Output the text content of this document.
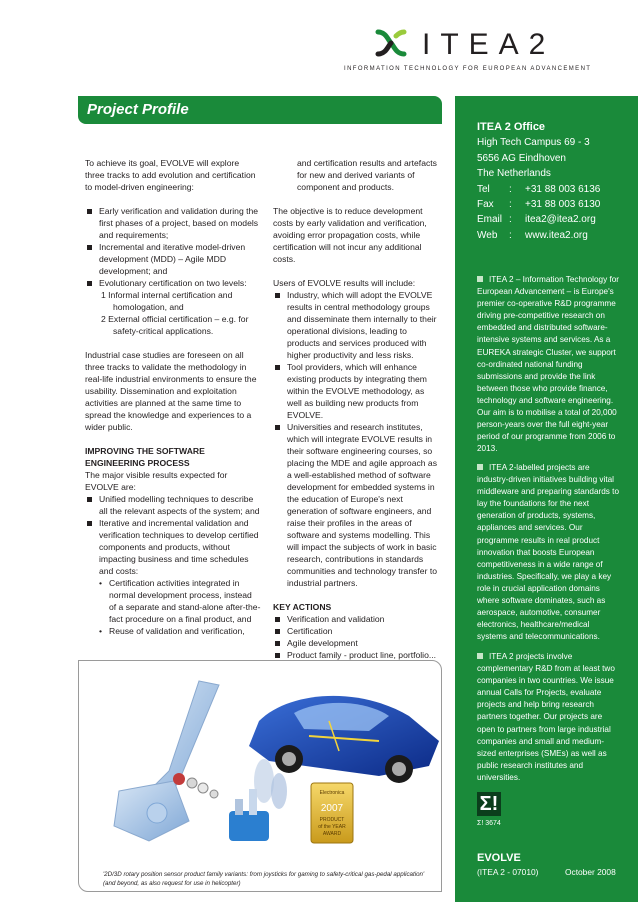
ITEA2
INFORMATION TECHNOLOGY FOR EUROPEAN ADVANCEMENT
Project Profile
To achieve its goal, EVOLVE will explore three tracks to add evolution and certification to model-driven engineering:
Early verification and validation during the first phases of a project, based on models and requirements;
Incremental and iterative model-driven development (MDD) – Agile MDD development; and
Evolutionary certification on two levels:
1 Informal internal certification and homologation, and
2 External official certification – e.g. for safety-critical applications.
Industrial case studies are foreseen on all three tracks to validate the methodology in real-life industrial environments to ensure the usability. Dissemination and exploitation activities are planned at the same time to spread the knowledge and experiences to a wider public.
IMPROVING THE SOFTWARE ENGINEERING PROCESS
The major visible results expected for EVOLVE are:
Unified modelling techniques to describe all the relevant aspects of the system; and
Iterative and incremental validation and verification techniques to develop certified components and products, without impacting business and time schedules and costs:
• Certification activities integrated in normal development process, instead of a separate and stand-alone after-the-fact procedure on a final product, and
• Reuse of validation and verification,
and certification results and artefacts for new and derived variants of component and products.
The objective is to reduce development costs by early validation and verification, avoiding error propagation costs, while certification will not incur any additional costs.
Users of EVOLVE results will include:
Industry, which will adopt the EVOLVE results in central methodology groups and disseminate them internally to their operational divisions, leading to products and services produced with higher productivity and less risks.
Tool providers, which will enhance existing products by integrating them within the EVOLVE methodology, as well as building new products from EVOLVE.
Universities and research institutes, which will integrate EVOLVE results in their software engineering courses, so placing the MDE and agile approach as a well-established method of software development for embedded systems in the education of Europe's next generation of software engineers, and raise their profiles in the areas of software and systems modelling. This will impact the subjects of work in basic research, contributions in standards communities and technology transfer to industrial partners.
KEY ACTIONS
Verification and validation
Certification
Agile development
Product family - product line, portfolio...
Electronica
2007
PRODUCT
of the YEAR
AWARD
'2D/3D rotary position sensor product family variants: from joysticks for gaming to safety-critical gas-pedal application' (and beyond, as also request for use in helicopter)
ITEA 2 Office
High Tech Campus 69 - 3
5656 AG Eindhoven
The Netherlands
Tel	:	+31 88 003 6136
Fax	:	+31 88 003 6130
Email :	itea2@itea2.org
Web	:	www.itea2.org
ITEA 2 – Information Technology for European Advancement – is Europe's premier co-operative R&D programme driving pre-competitive research on embedded and distributed software-intensive systems and services. As a EUREKA strategic Cluster, we support co-ordinated national funding submissions and provide the link between those who provide finance, technology and software engineering. Our aim is to mobilise a total of 20,000 person-years over the full eight-year period of our programme from 2006 to 2013.
ITEA 2-labelled projects are industry-driven initiatives building vital middleware and preparing standards to lay the foundations for the next generation of products, systems, appliances and services. Our programme results in real product innovation that boosts European competitiveness in a wide range of industries. Specifically, we play a key role in crucial application domains where software dominates, such as aerospace, automotive, consumer electronics, healthcare/medical systems and telecommunications.
ITEA 2 projects involve complementary R&D from at least two companies in two countries. We issue annual Calls for Projects, evaluate projects and help bring research partners together. Our projects are open to partners from large industrial companies and small and medium-sized enterprises (SMEs) as well as public research institutes and universities.
Σ!
Σ! 3674
EVOLVE
(ITEA 2 - 07010)	October 2008
